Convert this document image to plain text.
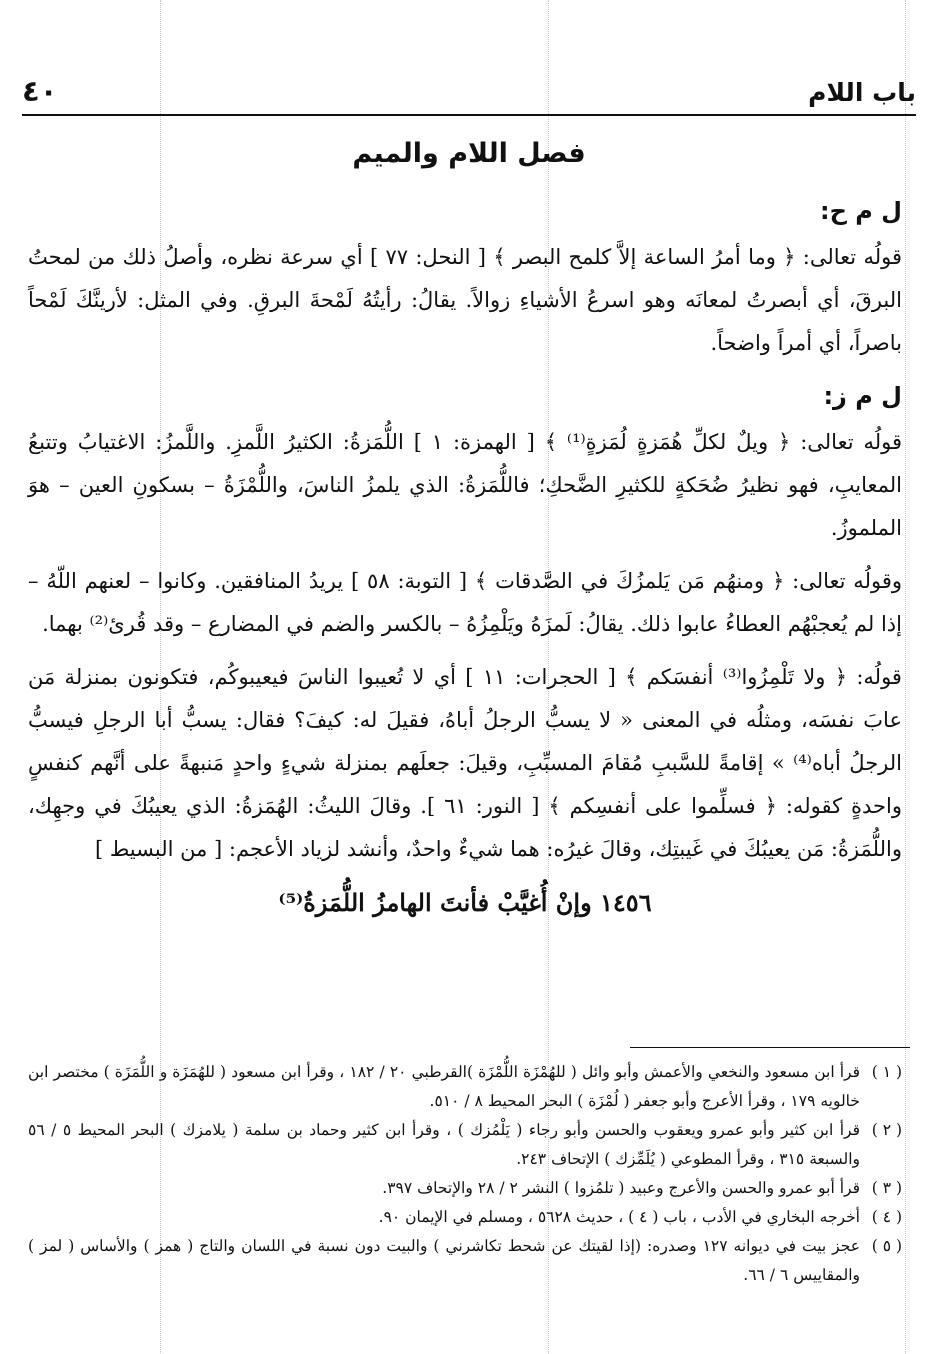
باب اللام
٤٠
فصل اللام والميم
ل م ح:

قولُه تعالى: ﴿ وما أمرُ الساعة إلاَّ كلمح البصر ﴾ [ النحل: ٧٧ ] أي سرعة نظره، وأصلُ ذلك من لمحتُ البرقَ، أي أبصرتُ لمعانَه وهو اسرعُ الأشياءِ زوالاً. يقالُ: رأيتُهُ لَمْحةَ البرقِ. وفي المثل: لأرينَّكَ لَمْحاً باصراً، أي أمراً واضحاً.

ل م ز:

قولُه تعالى: ﴿ ويلٌ لكلِّ هُمَزةٍ لُمَزةٍ⁽¹⁾ ﴾ [ الهمزة: ١ ] اللُّمَزةُ: الكثيرُ اللَّمزِ. واللَّمزُ: الاغتيابُ وتتبعُ المعايبِ، فهو نظيرُ ضُحَكةٍ للكثيرِ الضَّحكِ؛ فاللُّمَزةُ: الذي يلمزُ الناسَ، واللُّمْزَةُ – بسكونِ العين – هوَ الملموزُ.

وقولُه تعالى: ﴿ ومنهُم مَن يَلمزُكَ في الصَّدقات ﴾ [ التوبة: ٥٨ ] يريدُ المنافقين. وكانوا – لعنهم اللّهُ – إذا لم يُعجبْهُم العطاءُ عابوا ذلك. يقالُ: لَمزَهُ ويَلْمِزُهُ – بالكسر والضم في المضارع – وقد قُرئ⁽²⁾ بهما.

قولُه: ﴿ ولا تَلْمِزُوا⁽³⁾ أنفسَكم ﴾ [ الحجرات: ١١ ] أي لا تُعيبوا الناسَ فيعيبوكُم، فتكونون بمنزلة مَن عابَ نفسَه، ومثلُه في المعنى « لا يسبُّ الرجلُ أباهُ، فقيلَ له: كيفَ؟ فقال: يسبُّ أبا الرجلِ فيسبُّ الرجلُ أباه⁽⁴⁾ » إقامةً للسَّببِ مُقامَ المسبِّبِ، وقيلَ: جعلَهم بمنزلة شيءٍ واحدٍ مَنبهةً على أنَّهم كنفسٍ واحدةٍ كقوله: ﴿ فسلِّموا على أنفسِكم ﴾ [ النور: ٦١ ]. وقالَ الليثُ: الهُمَزةُ: الذي يعيبُكَ في وجهِك، واللُّمَزةُ: مَن يعيبُكَ في غَيبتِك، وقالَ غيرُه: هما شيءٌ واحدٌ، وأنشد لزياد الأعجم: [ من البسيط ]

١٤٥٦ وإنْ أُغيَّبْ فأنتَ الهامزُ اللُّمَزةُ⁽⁵⁾
( ١ )
قرأ ابن مسعود والنخعي والأعمش وأبو وائل ( للهُمْزَة اللُّمْزَة )القرطبي ٢٠ / ١٨٢ ، وقرأ ابن مسعود ( للهُمَزَة و اللُّمَزَة ) مختصر ابن خالويه ١٧٩ ، وقرأ الأعرج وأبو جعفر ( لُمْزَة ) البحر المحيط ٨ / ٥١٠.
( ٢ )
قرأ ابن كثير وأبو عمرو ويعقوب والحسن وأبو رجاء ( يَلْمُزك ) ، وقرأ ابن كثير وحماد بن سلمة ( يلامزك ) البحر المحيط ٥ / ٥٦ والسبعة ٣١٥ ، وقرأ المطوعي ( يُلَمِّزك ) الإتحاف ٢٤٣.
( ٣ )
قرأ أبو عمرو والحسن والأعرج وعبيد ( تلمُزوا ) النشر ٢ / ٢٨ والإتحاف ٣٩٧.
( ٤ )
أخرجه البخاري في الأدب ، باب ( ٤ ) ، حديث ٥٦٢٨ ، ومسلم في الإيمان ٩٠.
( ٥ )
عجز بيت في ديوانه ١٢٧ وصدره: (إذا لقيتك عن شحط تكاشرني ) والبيت دون نسبة في اللسان والتاج ( همز ) والأساس ( لمز ) والمقاييس ٦ / ٦٦.
